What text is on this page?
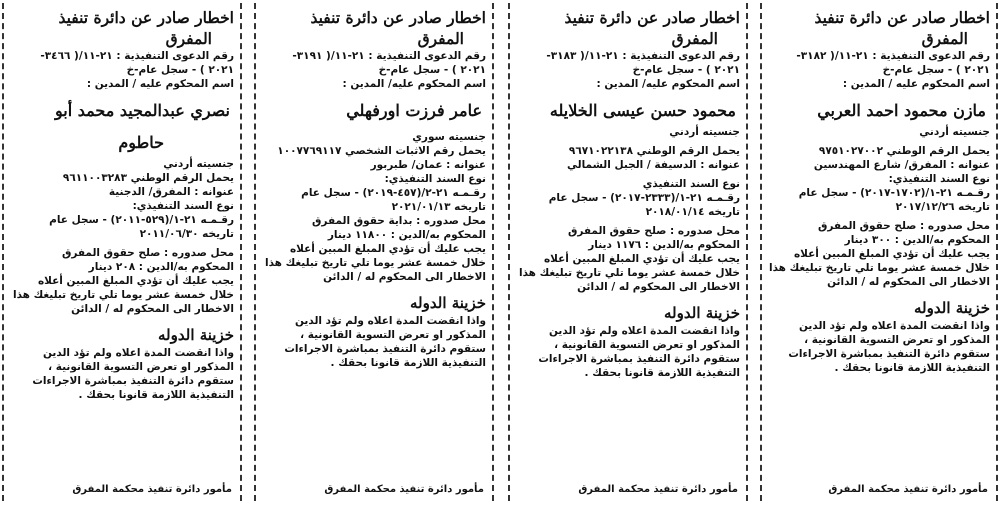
اخطار صادر عن دائرة تنفيذ
المفرق
رقم الدعوى التنفيذية : ٢١-١١/( ٣١٨٢-
٢٠٢١ ) - سجل عام-خ
اسم المحكوم عليه / المدين :
مازن محمود احمد العربي
جنسيته أردني
يحمل الرقم الوطني ٩٧٥١٠٢٧٠٠٢
عنوانه : المفرق/ شارع المهندسين
نوع السند التنفيذي:
رقـمـه ٢١-١/(١٧٠٢-٢٠١٧) - سجل عام
تاريخه ٢٠١٧/١٢/٢٦
محل صدوره : صلح حقوق المفرق
المحكوم به/الدين : ٣٠٠ دينار
يجب عليك أن تؤدي المبلغ المبين أعلاه خلال خمسة عشر يوما تلي تاريخ تبليغك هذا الاخطار الى المحكوم له / الدائن
خزينة الدوله
واذا انقضت المدة اعلاه ولم تؤد الدين المذكور او تعرض التسوية القانونية ، ستقوم دائرة التنفيذ بمباشرة الاجراءات التنفيذية اللازمة قانونا بحقك .
مأمور دائرة تنفيذ محكمة المفرق
اخطار صادر عن دائرة تنفيذ
المفرق
رقم الدعوى التنفيذية : ٢١-١١/( ٣١٨٣-
٢٠٢١ ) - سجل عام-خ
اسم المحكوم عليه/ المدين :
محمود حسن عيسى الخلايله
جنسيته أردني
يحمل الرقم الوطني ٩٦٧١٠٢٢١٣٨
عنوانه : الدسيفة / الجبل الشمالي
نوع السند التنفيذي
رقـمـه ٢١-١/(٢٣٣٣-٢٠١٧) - سجل عام
تاريخه ٢٠١٨/٠١/١٤
محل صدوره : صلح حقوق المفرق
المحكوم به/الدين : ١١٧٦ دينار
يجب عليك أن تؤدي المبلغ المبين أعلاه خلال خمسة عشر يوما تلي تاريخ تبليغك هذا الاخطار الى المحكوم له / الدائن
خزينة الدوله
واذا انقضت المدة اعلاه ولم تؤد الدين المذكور او تعرض التسوية القانونية ، ستقوم دائرة التنفيذ بمباشرة الاجراءات التنفيذية اللازمة قانونا بحقك .
مأمور دائرة تنفيذ محكمة المفرق
اخطار صادر عن دائرة تنفيذ
المفرق
رقم الدعوى التنفيذية : ٢١-١١/( ٣١٩١-
٢٠٢١ ) - سجل عام-خ
اسم المحكوم عليه/ المدين :
عامر فرزت اورفهلي
جنسيته سوري
يحمل رقم الاثبات الشخصي ١٠٠٧٧٦٩١١٧
عنوانه : عمان/ طبربور
نوع السند التنفيذي:
رقـمـه ٢١-٢/(٤٥٧-٢٠١٩) - سجل عام
تاريخه ٢٠٢١/٠١/١٣
محل صدوره : بداية حقوق المفرق
المحكوم به/الدين : ١١٨٠٠ دينار
يجب عليك أن تؤدي المبلغ المبين أعلاه خلال خمسة عشر يوما تلي تاريخ تبليغك هذا الاخطار الى المحكوم له / الدائن
خزينة الدوله
واذا انقضت المدة اعلاه ولم تؤد الدين المذكور او تعرض التسوية القانونية ، ستقوم دائرة التنفيذ بمباشرة الاجراءات التنفيذية اللازمة قانونا بحقك .
مأمور دائرة تنفيذ محكمة المفرق
اخطار صادر عن دائرة تنفيذ
المفرق
رقم الدعوى التنفيذية : ٢١-١١/( ٣٤٦٦-
٢٠٢١ ) - سجل عام-خ
اسم المحكوم عليه / المدين :
نصري عبدالمجيد محمد أبو
حاطوم
جنسيته أردني
يحمل الرقم الوطني ٩٦١١٠٠٣٢٨٣
عنوانه : المفرق/ الدجنية
نوع السند التنفيذي:
رقـمـه ٢١-١/(٥٢٩-٢٠١١) - سجل عام
تاريخه ٢٠١١/٠٦/٣٠
محل صدوره : صلح حقوق المفرق
المحكوم به/الدين : ٢٠٨ دينار
يجب عليك أن تؤدي المبلغ المبين أعلاه خلال خمسة عشر يوما تلي تاريخ تبليغك هذا الاخطار الى المحكوم له / الدائن
خزينة الدوله
واذا انقضت المدة اعلاه ولم تؤد الدين المذكور او تعرض التسوية القانونية ، ستقوم دائرة التنفيذ بمباشرة الاجراءات التنفيذية اللازمة قانونا بحقك .
مأمور دائرة تنفيذ محكمة المفرق
